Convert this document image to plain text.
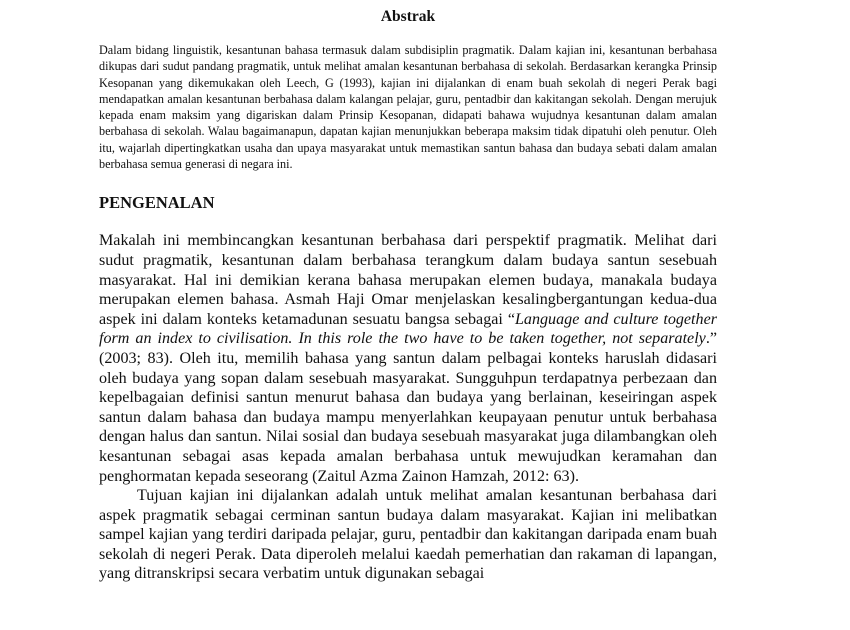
Abstrak
Dalam bidang linguistik, kesantunan bahasa termasuk dalam subdisiplin pragmatik. Dalam kajian ini, kesantunan berbahasa dikupas dari sudut pandang pragmatik, untuk melihat amalan kesantunan berbahasa di sekolah. Berdasarkan kerangka Prinsip Kesopanan yang dikemukakan oleh Leech, G (1993), kajian ini dijalankan di enam buah sekolah di negeri Perak bagi mendapatkan amalan kesantunan berbahasa dalam kalangan pelajar, guru, pentadbir dan kakitangan sekolah. Dengan merujuk kepada enam maksim yang digariskan dalam Prinsip Kesopanan, didapati bahawa wujudnya kesantunan dalam amalan berbahasa di sekolah. Walau bagaimanapun, dapatan kajian menunjukkan beberapa maksim tidak dipatuhi oleh penutur. Oleh itu, wajarlah dipertingkatkan usaha dan upaya masyarakat untuk memastikan santun bahasa dan budaya sebati dalam amalan berbahasa semua generasi di negara ini.
PENGENALAN
Makalah ini membincangkan kesantunan berbahasa dari perspektif pragmatik. Melihat dari sudut pragmatik, kesantunan dalam berbahasa terangkum dalam budaya santun sesebuah masyarakat. Hal ini demikian kerana bahasa merupakan elemen budaya, manakala budaya merupakan elemen bahasa. Asmah Haji Omar menjelaskan kesalingbergantungan kedua-dua aspek ini dalam konteks ketamadunan sesuatu bangsa sebagai “Language and culture together form an index to civilisation. In this role the two have to be taken together, not separately.” (2003; 83). Oleh itu, memilih bahasa yang santun dalam pelbagai konteks haruslah didasari oleh budaya yang sopan dalam sesebuah masyarakat. Sungguhpun terdapatnya perbezaan dan kepelbagaian definisi santun menurut bahasa dan budaya yang berlainan, keseiringan aspek santun dalam bahasa dan budaya mampu menyerlahkan keupayaan penutur untuk berbahasa dengan halus dan santun. Nilai sosial dan budaya sesebuah masyarakat juga dilambangkan oleh kesantunan sebagai asas kepada amalan berbahasa untuk mewujudkan keramahan dan penghormatan kepada seseorang (Zaitul Azma Zainon Hamzah, 2012: 63).
Tujuan kajian ini dijalankan adalah untuk melihat amalan kesantunan berbahasa dari aspek pragmatik sebagai cerminan santun budaya dalam masyarakat. Kajian ini melibatkan sampel kajian yang terdiri daripada pelajar, guru, pentadbir dan kakitangan daripada enam buah sekolah di negeri Perak. Data diperoleh melalui kaedah pemerhatian dan rakaman di lapangan, yang ditranskripsi secara verbatim untuk digunakan sebagai
